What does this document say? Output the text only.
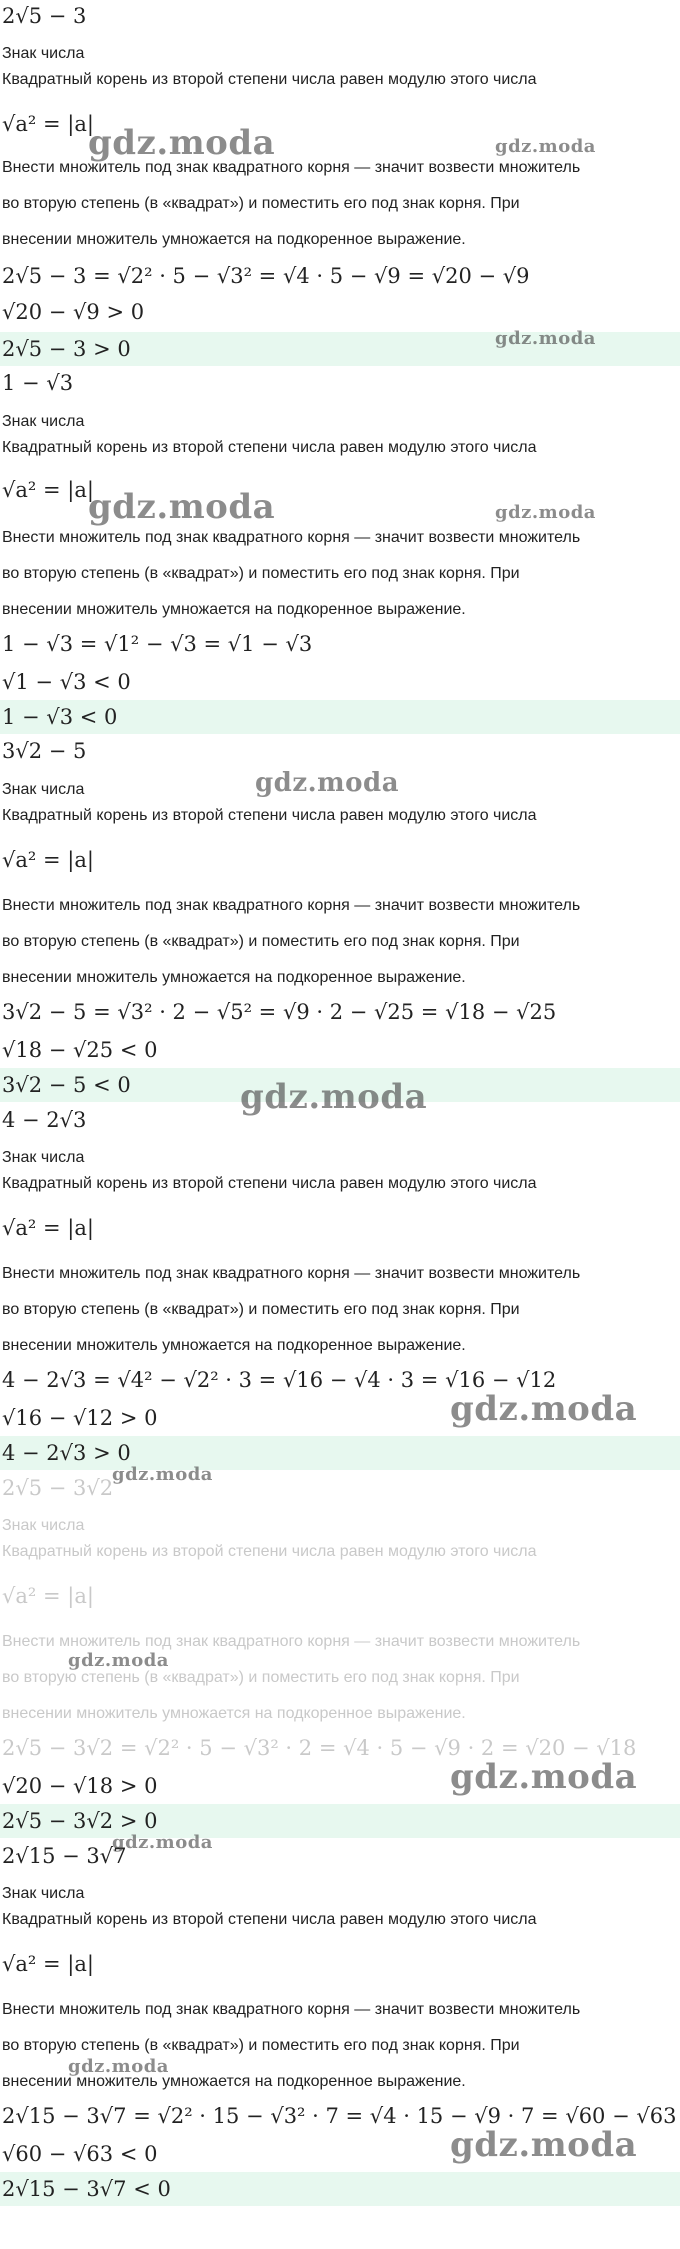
2√5 − 3
Знак числа
Квадратный корень из второй степени числа равен модулю этого числа
√a² = |a|
Внести множитель под знак квадратного корня — значит возвести множитель
во вторую степень (в «квадрат») и поместить его под знак корня. При
внесении множитель умножается на подкоренное выражение.
2√5 − 3 = √2² · 5 − √3² = √4 · 5 − √9 = √20 − √9
√20 − √9 > 0
2√5 − 3 > 0
1 − √3
Знак числа
Квадратный корень из второй степени числа равен модулю этого числа
√a² = |a|
Внести множитель под знак квадратного корня — значит возвести множитель
во вторую степень (в «квадрат») и поместить его под знак корня. При
внесении множитель умножается на подкоренное выражение.
1 − √3 = √1² − √3 = √1 − √3
√1 − √3 < 0
1 − √3 < 0
3√2 − 5
Знак числа
Квадратный корень из второй степени числа равен модулю этого числа
√a² = |a|
Внести множитель под знак квадратного корня — значит возвести множитель
во вторую степень (в «квадрат») и поместить его под знак корня. При
внесении множитель умножается на подкоренное выражение.
3√2 − 5 = √3² · 2 − √5² = √9 · 2 − √25 = √18 − √25
√18 − √25 < 0
3√2 − 5 < 0
4 − 2√3
Знак числа
Квадратный корень из второй степени числа равен модулю этого числа
√a² = |a|
Внести множитель под знак квадратного корня — значит возвести множитель
во вторую степень (в «квадрат») и поместить его под знак корня. При
внесении множитель умножается на подкоренное выражение.
4 − 2√3 = √4² − √2² · 3 = √16 − √4 · 3 = √16 − √12
√16 − √12 > 0
4 − 2√3 > 0
2√5 − 3√2
Знак числа
Квадратный корень из второй степени числа равен модулю этого числа
√a² = |a|
Внести множитель под знак квадратного корня — значит возвести множитель
во вторую степень (в «квадрат») и поместить его под знак корня. При
внесении множитель умножается на подкоренное выражение.
2√5 − 3√2 = √2² · 5 − √3² · 2 = √4 · 5 − √9 · 2 = √20 − √18
√20 − √18 > 0
2√5 − 3√2 > 0
2√15 − 3√7
Знак числа
Квадратный корень из второй степени числа равен модулю этого числа
√a² = |a|
Внести множитель под знак квадратного корня — значит возвести множитель
во вторую степень (в «квадрат») и поместить его под знак корня. При
внесении множитель умножается на подкоренное выражение.
2√15 − 3√7 = √2² · 15 − √3² · 7 = √4 · 15 − √9 · 7 = √60 − √63
√60 − √63 < 0
2√15 − 3√7 < 0
gdz.moda	gdz.moda
gdz.moda
gdz.moda	gdz.moda
gdz.moda
gdz.moda
gdz.moda
gdz.moda
gdz.moda
gdz.moda
gdz.moda
gdz.moda
gdz.moda
